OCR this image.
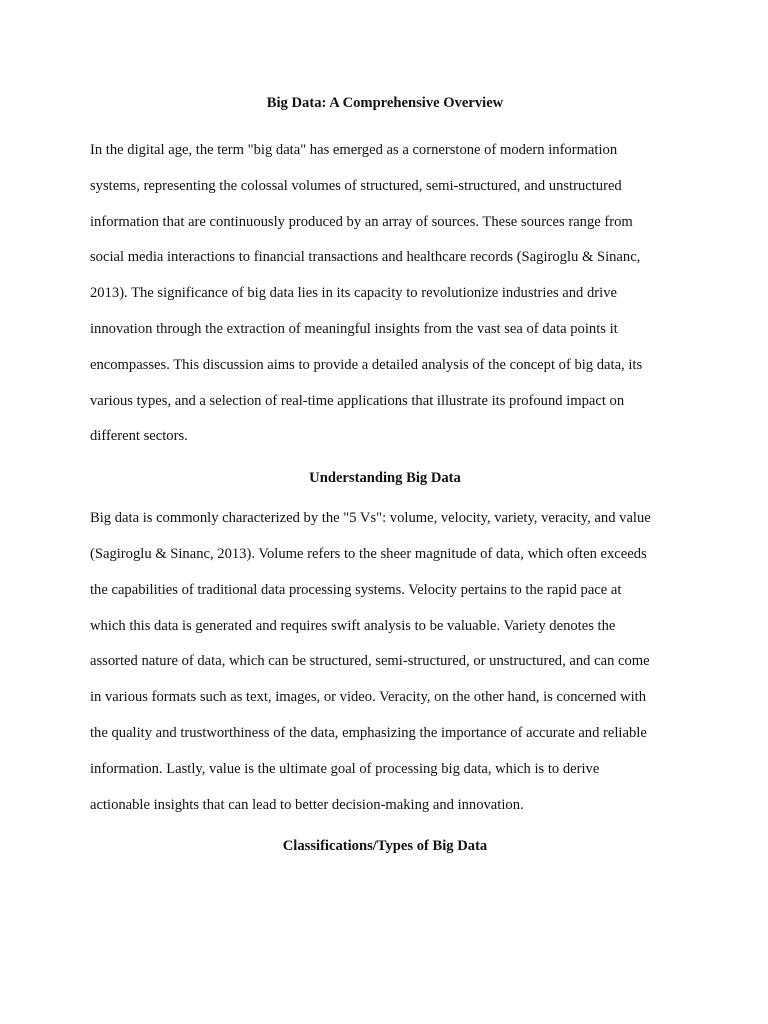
Big Data: A Comprehensive Overview
In the digital age, the term "big data" has emerged as a cornerstone of modern information
systems, representing the colossal volumes of structured, semi-structured, and unstructured
information that are continuously produced by an array of sources. These sources range from
social media interactions to financial transactions and healthcare records (Sagiroglu & Sinanc,
2013). The significance of big data lies in its capacity to revolutionize industries and drive
innovation through the extraction of meaningful insights from the vast sea of data points it
encompasses. This discussion aims to provide a detailed analysis of the concept of big data, its
various types, and a selection of real-time applications that illustrate its profound impact on
different sectors.
Understanding Big Data
Big data is commonly characterized by the "5 Vs": volume, velocity, variety, veracity, and value
(Sagiroglu & Sinanc, 2013). Volume refers to the sheer magnitude of data, which often exceeds
the capabilities of traditional data processing systems. Velocity pertains to the rapid pace at
which this data is generated and requires swift analysis to be valuable. Variety denotes the
assorted nature of data, which can be structured, semi-structured, or unstructured, and can come
in various formats such as text, images, or video. Veracity, on the other hand, is concerned with
the quality and trustworthiness of the data, emphasizing the importance of accurate and reliable
information. Lastly, value is the ultimate goal of processing big data, which is to derive
actionable insights that can lead to better decision-making and innovation.
Classifications/Types of Big Data
